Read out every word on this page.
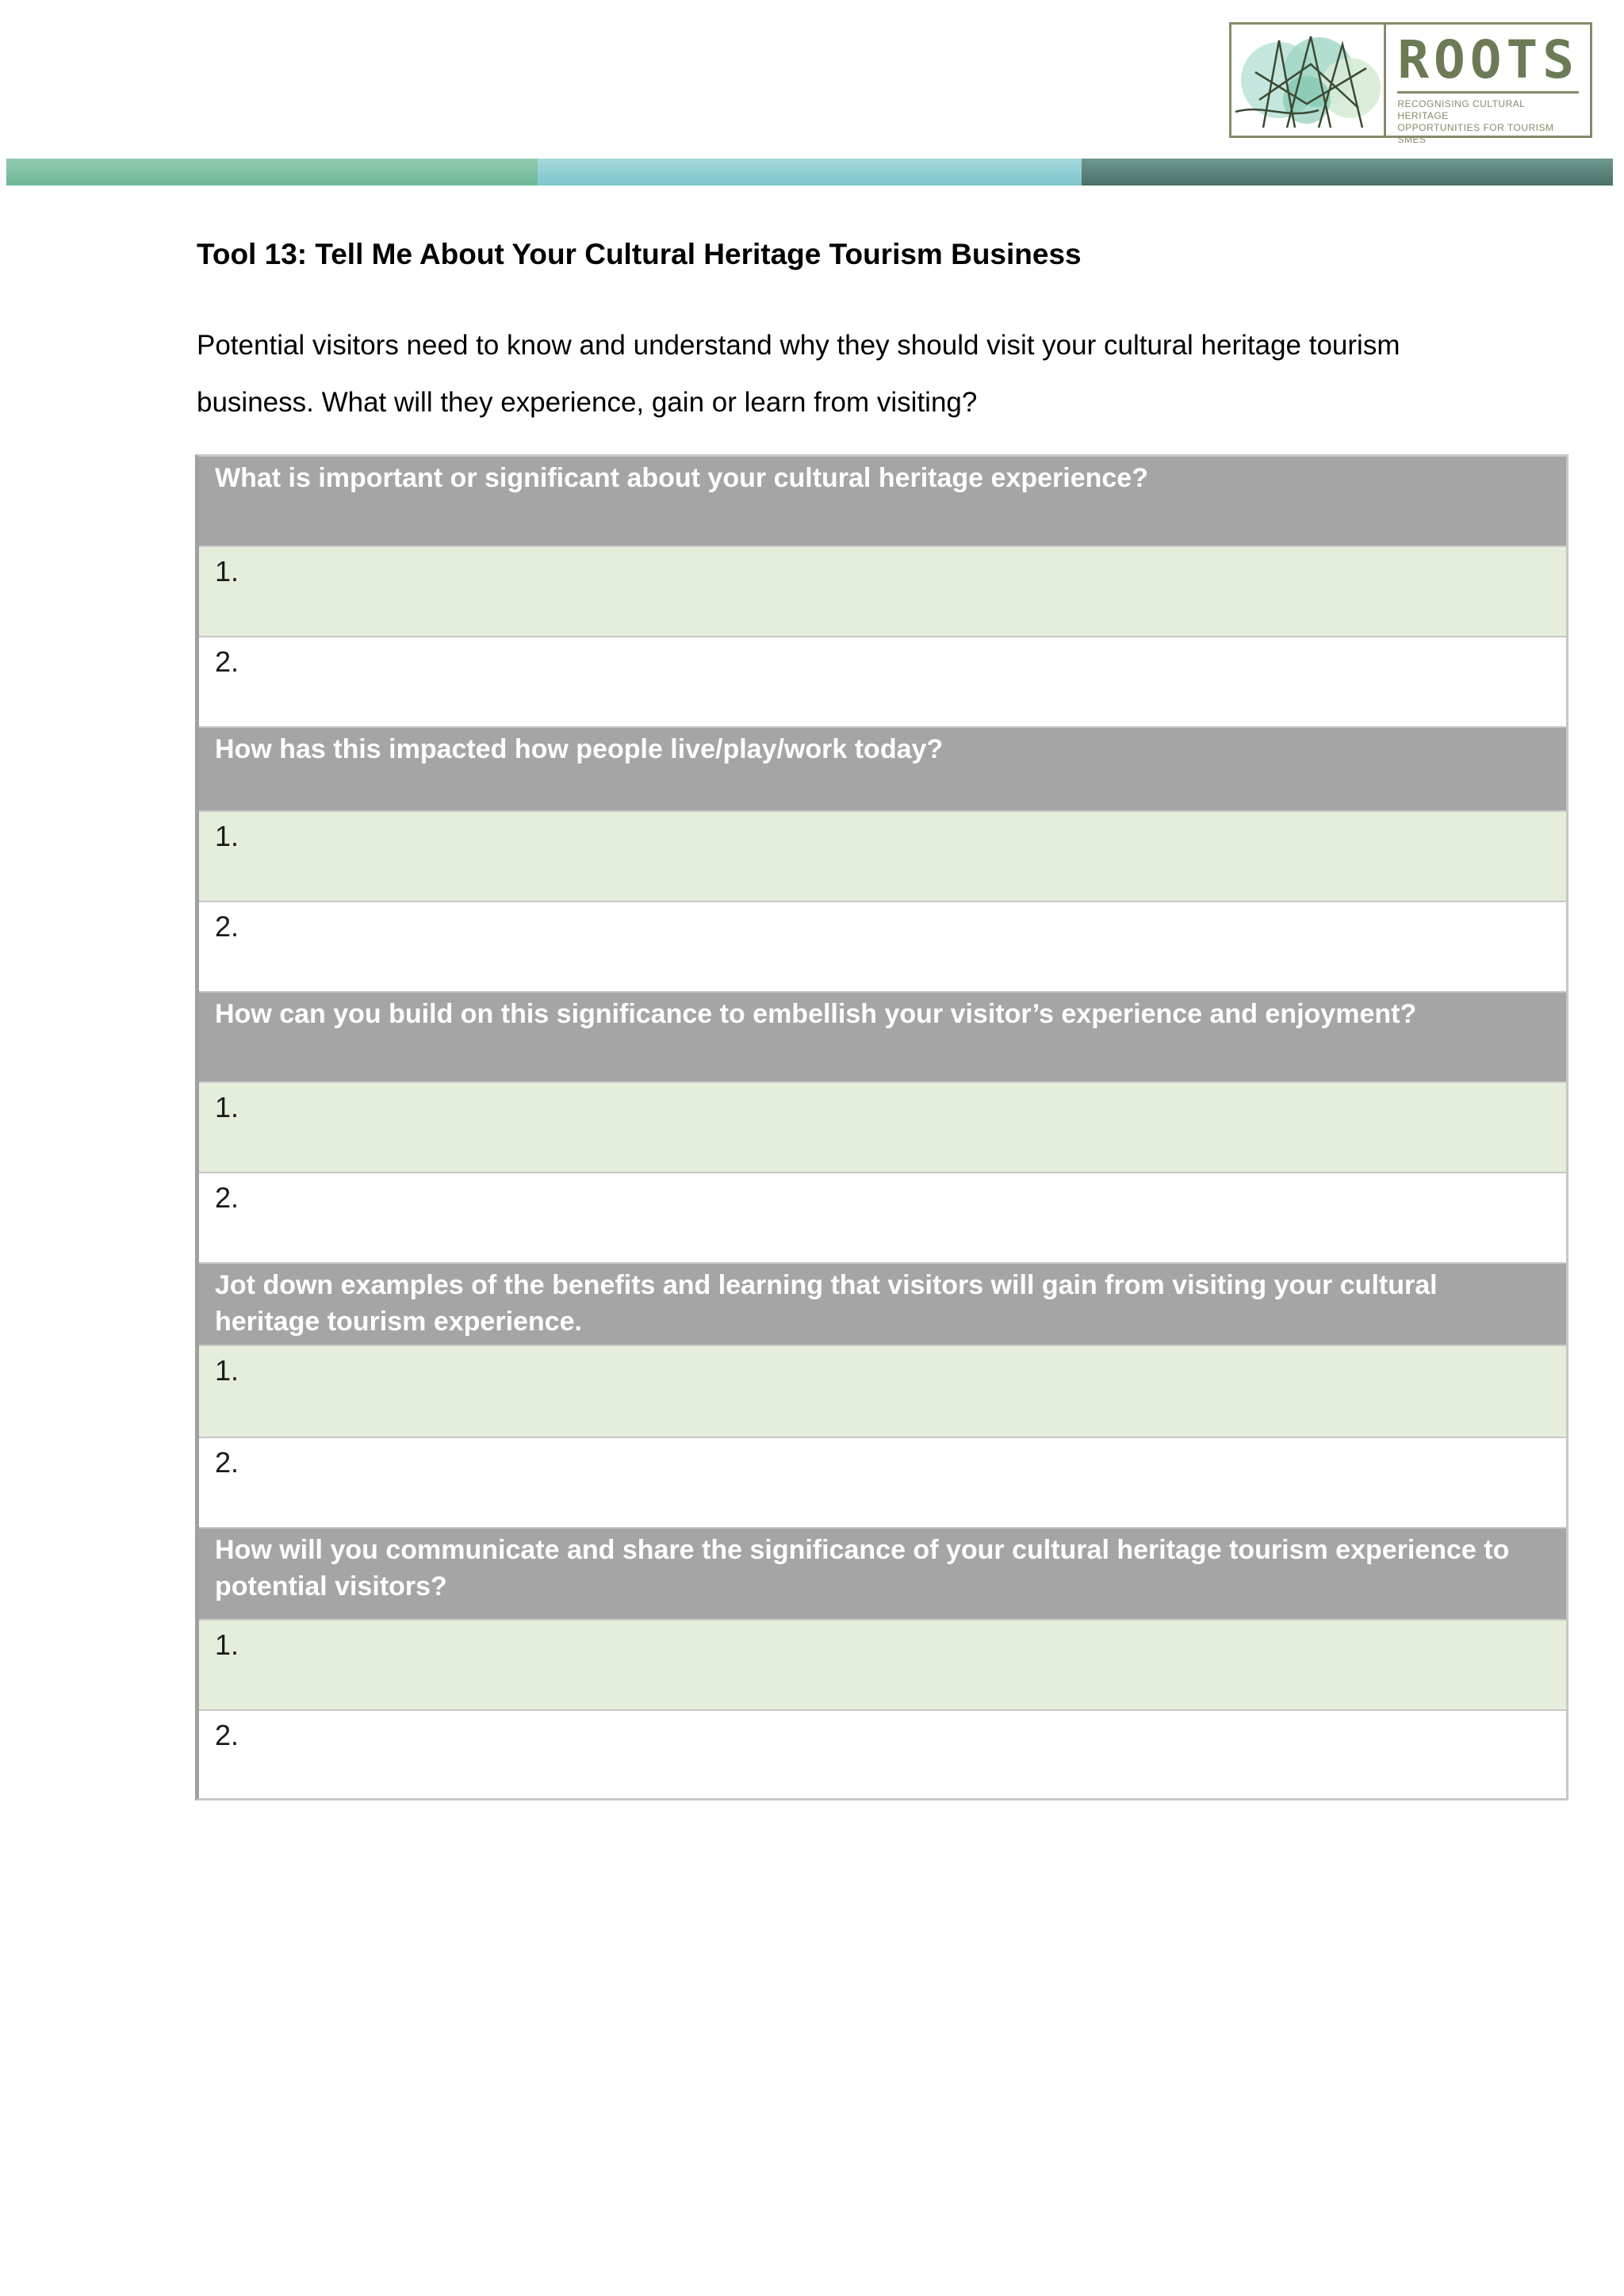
ROOTS
RECOGNISING CULTURAL HERITAGE
OPPORTUNITIES FOR TOURISM SMES
Tool 13: Tell Me About Your Cultural Heritage Tourism Business
Potential visitors need to know and understand why they should visit your cultural heritage tourism business. What will they experience, gain or learn from visiting?
What is important or significant about your cultural heritage experience?
1.
2.
How has this impacted how people live/play/work today?
1.
2.
How can you build on this significance to embellish your visitor’s experience and enjoyment?
1.
2.
Jot down examples of the benefits and learning that visitors will gain from visiting your cultural heritage tourism experience.
1.
2.
How will you communicate and share the significance of your cultural heritage tourism experience to potential visitors?
1.
2.
